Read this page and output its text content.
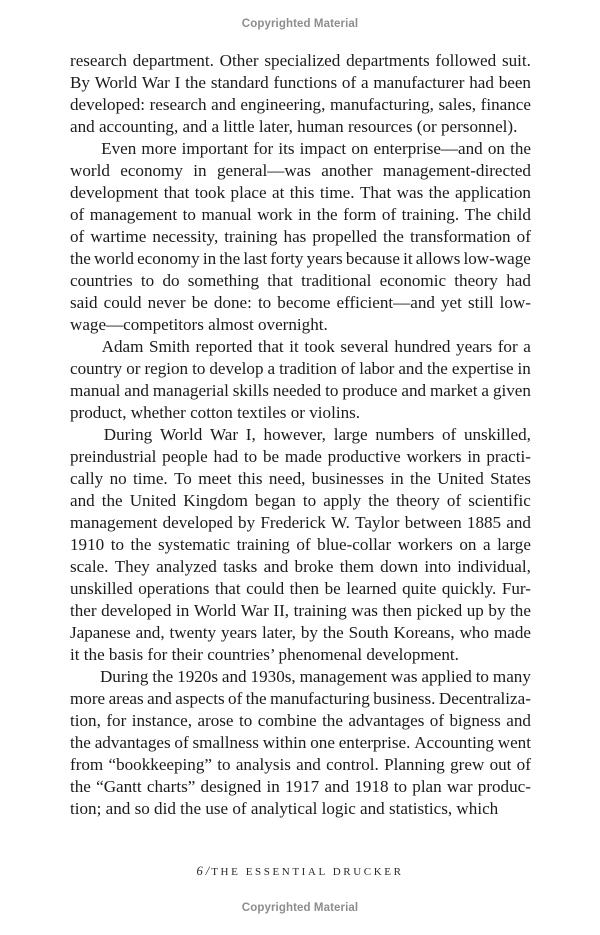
Copyrighted Material

research department. Other specialized departments followed suit.
By World War I the standard functions of a manufacturer had been
developed: research and engineering, manufacturing, sales, finance
and accounting, and a little later, human resources (or personnel).

Even more important for its impact on enterprise—and on the
world economy in general—was another management-directed
development that took place at this time. That was the application
of management to manual work in the form of training. The child
of wartime necessity, training has propelled the transformation of
the world economy in the last forty years because it allows low-wage
countries to do something that traditional economic theory had
said could never be done: to become efficient—and yet still low-
wage—competitors almost overnight.

Adam Smith reported that it took several hundred years for a
country or region to develop a tradition of labor and the expertise in
manual and managerial skills needed to produce and market a given
product, whether cotton textiles or violins.

During World War I, however, large numbers of unskilled,
preindustrial people had to be made productive workers in practi-
cally no time. To meet this need, businesses in the United States
and the United Kingdom began to apply the theory of scientific
management developed by Frederick W. Taylor between 1885 and
1910 to the systematic training of blue-collar workers on a large
scale. They analyzed tasks and broke them down into individual,
unskilled operations that could then be learned quite quickly. Fur-
ther developed in World War II, training was then picked up by the
Japanese and, twenty years later, by the South Koreans, who made
it the basis for their countries’ phenomenal development.

During the 1920s and 1930s, management was applied to many
more areas and aspects of the manufacturing business. Decentraliza-
tion, for instance, arose to combine the advantages of bigness and
the advantages of smallness within one enterprise. Accounting went
from “bookkeeping” to analysis and control. Planning grew out of
the “Gantt charts” designed in 1917 and 1918 to plan war produc-
tion; and so did the use of analytical logic and statistics, which

6 / THE ESSENTIAL DRUCKER
Copyrighted Material
